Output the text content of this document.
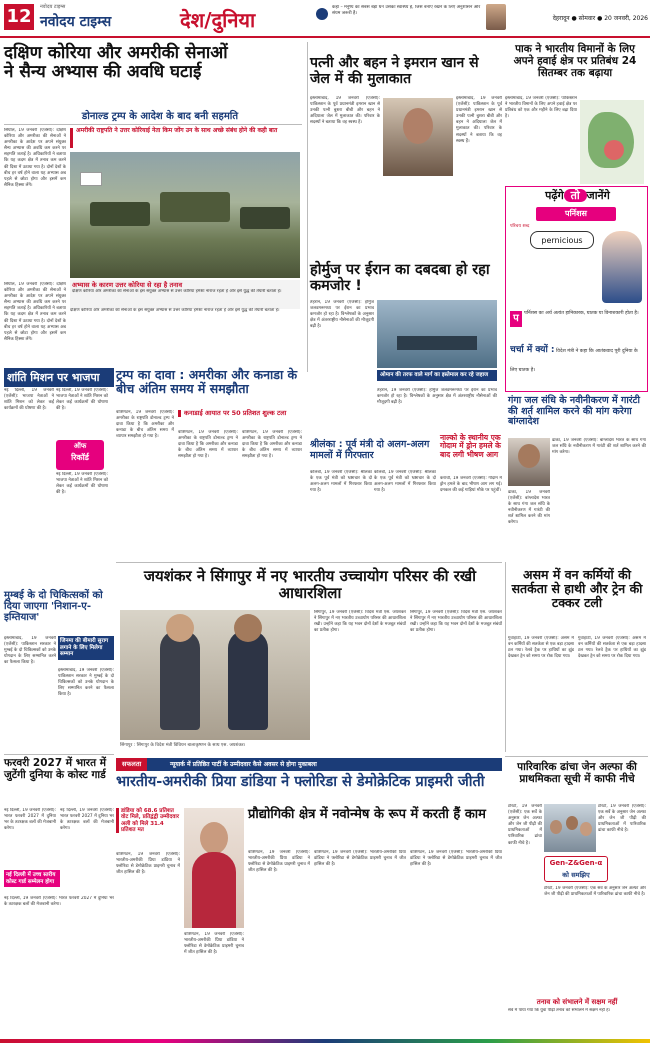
12	नवोदय टाइम्स
नवोदय टाइम्स	देश/दुनिया
कहा – मनुष्य का सबसे बड़ा धन उसका स्वास्थ्य है, जिसे बनाए रखने के लिए अनुशासन और संयम जरूरी है।
देहरादून ● सोमवार ● 20 जनवरी, 2026
दक्षिण कोरिया और अमरीकी सेनाओं
ने सैन्य अभ्यास की अवधि घटाई
डोनाल्ड ट्रम्प के आदेश के बाद बनी सहमति
सियोल, 19 जनवरी (एजेंसी): दक्षिण कोरिया और अमरीका की सेनाओं ने अमरीका के आदेश पर अपने संयुक्त सैन्य अभ्यास की अवधि कम करने पर सहमति जताई है। अधिकारियों ने बताया कि यह कदम क्षेत्र में तनाव कम करने की दिशा में उठाया गया है। दोनों देशों के बीच हर वर्ष होने वाला यह अभ्यास अब पहले से छोटा होगा और इसमें कम सैनिक हिस्सा लेंगे।
अमरीकी राष्ट्रपति ने उत्तर कोरियाई नेता किम जोंग उन के साथ अच्छे संबंध होने की कही बात
अभ्यास के कारण उत्तर कोरिया से रहा है तनाव
दक्षिण कोरिया और अमरीका की सेनाओं के इस संयुक्त अभ्यास से उत्तर कोरिया हमेशा नाराज रहता है और इसे युद्ध की तैयारी बताता है।
सियोल, 19 जनवरी (एजेंसी): दक्षिण कोरिया और अमरीका की सेनाओं ने अमरीका के आदेश पर अपने संयुक्त सैन्य अभ्यास की अवधि कम करने पर सहमति जताई है। अधिकारियों ने बताया कि यह कदम क्षेत्र में तनाव कम करने की दिशा में उठाया गया है। दोनों देशों के बीच हर वर्ष होने वाला यह अभ्यास अब पहले से छोटा होगा और इसमें कम सैनिक हिस्सा लेंगे।
दक्षिण कोरिया और अमरीका की सेनाओं के इस संयुक्त अभ्यास से उत्तर कोरिया हमेशा नाराज रहता है और इसे युद्ध की तैयारी बताता है।
पत्नी और बहन ने इमरान खान से जेल में की मुलाकात
इस्लामाबाद, 19 जनवरी (एजेंसी): पाकिस्तान के पूर्व प्रधानमंत्री इमरान खान से उनकी पत्नी बुशरा बीबी और बहन ने अदियाला जेल में मुलाकात की। परिवार के सदस्यों ने बताया कि वह स्वस्थ हैं।
इस्लामाबाद, 19 जनवरी (एजेंसी): पाकिस्तान के पूर्व प्रधानमंत्री इमरान खान से उनकी पत्नी बुशरा बीबी और बहन ने अदियाला जेल में मुलाकात की। परिवार के सदस्यों ने बताया कि वह स्वस्थ हैं।
पाक ने भारतीय विमानों के लिए अपने हवाई क्षेत्र पर प्रतिबंध 24 सितम्बर तक बढ़ाया
इस्लामाबाद, 19 जनवरी (एजेंसी): पाकिस्तान ने भारतीय विमानों के लिए अपने हवाई क्षेत्र पर प्रतिबंध को एक और महीने के लिए बढ़ा दिया है।
होर्मुज पर ईरान का दबदबा हो रहा कमजोर !
तेहरान, 19 जनवरी (एजेंसी): होर्मुज जलडमरूमध्य पर ईरान का प्रभाव कमजोर हो रहा है। विश्लेषकों के अनुसार क्षेत्र में अंतरराष्ट्रीय नौसेनाओं की मौजूदगी बढ़ी है।
ओमान की तरफ वाले मार्ग का इस्तेमाल कर रहे जहाज
तेहरान, 19 जनवरी (एजेंसी): होर्मुज जलडमरूमध्य पर ईरान का प्रभाव कमजोर हो रहा है। विश्लेषकों के अनुसार क्षेत्र में अंतरराष्ट्रीय नौसेनाओं की मौजूदगी बढ़ी है।
शांति मिशन पर भाजपा
नई दिल्ली, 19 जनवरी (एजेंसी): भाजपा नेताओं ने शांति मिशन को लेकर कई कार्यक्रमों की घोषणा की है।
ऑफ
रिकॉर्ड
नई दिल्ली, 19 जनवरी (एजेंसी): भाजपा नेताओं ने शांति मिशन को लेकर कई कार्यक्रमों की घोषणा की है।
नई दिल्ली, 19 जनवरी (एजेंसी): भाजपा नेताओं ने शांति मिशन को लेकर कई कार्यक्रमों की घोषणा की है।
ट्रम्प का दावा : अमरीका और कनाडा के बीच अंतिम समय में समझौता
वाशिंगटन, 19 जनवरी (एजेंसी): अमरीका के राष्ट्रपति डोनाल्ड ट्रम्प ने दावा किया है कि अमरीका और कनाडा के बीच अंतिम समय में व्यापार समझौता हो गया है।
कनाडाई आयात पर 50 प्रतिशत शुल्क टला
वाशिंगटन, 19 जनवरी (एजेंसी): अमरीका के राष्ट्रपति डोनाल्ड ट्रम्प ने दावा किया है कि अमरीका और कनाडा के बीच अंतिम समय में व्यापार समझौता हो गया है।
वाशिंगटन, 19 जनवरी (एजेंसी): अमरीका के राष्ट्रपति डोनाल्ड ट्रम्प ने दावा किया है कि अमरीका और कनाडा के बीच अंतिम समय में व्यापार समझौता हो गया है।
श्रीलंका : पूर्व मंत्री दो अलग-अलग मामलों में गिरफ्तार
कोलंबो, 19 जनवरी (एजेंसी): श्रीलंका के एक पूर्व मंत्री को भ्रष्टाचार के दो अलग-अलग मामलों में गिरफ्तार किया गया है।
कोलंबो, 19 जनवरी (एजेंसी): श्रीलंका के एक पूर्व मंत्री को भ्रष्टाचार के दो अलग-अलग मामलों में गिरफ्तार किया गया है।
नाल्को के स्थानीय एक गोदाम में ड्रोन हमले के बाद लगी भीषण आग
कराची, 19 जनवरी (एजेंसी): गोदाम में ड्रोन हमले के बाद भीषण आग लग गई। दमकल की कई गाड़ियां मौके पर पहुंचीं।
जयशंकर ने सिंगापुर में नए भारतीय उच्चायोग परिसर की रखी आधारशिला
सिंगापुर : सिंगापुर के विदेश मंत्री विवियन बालाकृष्णन के साथ एस. जयशंकर।
सिंगापुर, 19 जनवरी (एजेंसी): विदेश मंत्री एस. जयशंकर ने सिंगापुर में नए भारतीय उच्चायोग परिसर की आधारशिला रखी। उन्होंने कहा कि यह भवन दोनों देशों के मजबूत संबंधों का प्रतीक होगा।
सिंगापुर, 19 जनवरी (एजेंसी): विदेश मंत्री एस. जयशंकर ने सिंगापुर में नए भारतीय उच्चायोग परिसर की आधारशिला रखी। उन्होंने कहा कि यह भवन दोनों देशों के मजबूत संबंधों का प्रतीक होगा।
मुम्बई के दो चिकित्सकों को दिया जाएगा 'निशान-ए-इम्तियाज'
इस्लामाबाद, 19 जनवरी (एजेंसी): पाकिस्तान सरकार ने मुम्बई के दो चिकित्सकों को उनके योगदान के लिए सम्मानित करने का फैसला किया है।
जिनमा की बीमारी सुराग लगाने के लिए मिलेगा सम्मान
इस्लामाबाद, 19 जनवरी (एजेंसी): पाकिस्तान सरकार ने मुम्बई के दो चिकित्सकों को उनके योगदान के लिए सम्मानित करने का फैसला किया है।
फरवरी 2027 में भारत में जुटेंगी दुनिया के कोस्ट गार्ड
नई दिल्ली, 19 जनवरी (एजेंसी): भारत फरवरी 2027 में दुनिया भर के तटरक्षक बलों की मेजबानी करेगा।
नई दिल्ली में उच्च स्तरीय कोस्ट गार्ड सम्मेलन होगा
नई दिल्ली, 19 जनवरी (एजेंसी): भारत फरवरी 2027 में दुनिया भर के तटरक्षक बलों की मेजबानी करेगा।
नई दिल्ली, 19 जनवरी (एजेंसी): भारत फरवरी 2027 में दुनिया भर के तटरक्षक बलों की मेजबानी करेगा।
सफलता	न्यूयार्क में प्रतिष्ठित पार्टी के उम्मीदवार कैसे अवसर से होगा मुकाबला
भारतीय-अमरीकी प्रिया डांडिया ने फ्लोरिडा से डेमोक्रेटिक प्राइमरी जीती
डांडिया को 68.6 प्रतिशत वोट मिले, प्रतिद्वंद्वी उम्मीदवार अली को मिले 31.4 प्रतिशत मत
वाशिंगटन, 19 जनवरी (एजेंसी): भारतीय-अमरीकी प्रिया डांडिया ने फ्लोरिडा से डेमोक्रेटिक प्राइमरी चुनाव में जीत हासिल की है।
प्रौद्योगिकी क्षेत्र में नवोन्मेष के रूप में करती हैं काम
वाशिंगटन, 19 जनवरी (एजेंसी): भारतीय-अमरीकी प्रिया डांडिया ने फ्लोरिडा से डेमोक्रेटिक प्राइमरी चुनाव में जीत हासिल की है।
वाशिंगटन, 19 जनवरी (एजेंसी): भारतीय-अमरीकी प्रिया डांडिया ने फ्लोरिडा से डेमोक्रेटिक प्राइमरी चुनाव में जीत हासिल की है।
वाशिंगटन, 19 जनवरी (एजेंसी): भारतीय-अमरीकी प्रिया डांडिया ने फ्लोरिडा से डेमोक्रेटिक प्राइमरी चुनाव में जीत हासिल की है।
वाशिंगटन, 19 जनवरी (एजेंसी): भारतीय-अमरीकी प्रिया डांडिया ने फ्लोरिडा से डेमोक्रेटिक प्राइमरी चुनाव में जीत हासिल की है।
असम में वन कर्मियों की सतर्कता से हाथी और ट्रेन की टक्कर टली
गुवाहाटी, 19 जनवरी (एजेंसी): असम में वन कर्मियों की सतर्कता से एक बड़ा हादसा टल गया। रेलवे ट्रैक पर हाथियों का झुंड देखकर ट्रेन को समय पर रोक दिया गया।
गुवाहाटी, 19 जनवरी (एजेंसी): असम में वन कर्मियों की सतर्कता से एक बड़ा हादसा टल गया। रेलवे ट्रैक पर हाथियों का झुंड देखकर ट्रेन को समय पर रोक दिया गया।
पारिवारिक ढांचा जेन अल्फा की प्राथमिकता सूची में काफी नीचे
टोरंटो, 19 जनवरी (एजेंसी): एक सर्वे के अनुसार जेन अल्फा और जेन जी पीढ़ी की प्राथमिकताओं में पारिवारिक ढांचा काफी नीचे है।
टोरंटो, 19 जनवरी (एजेंसी): एक सर्वे के अनुसार जेन अल्फा और जेन जी पीढ़ी की प्राथमिकताओं में पारिवारिक ढांचा काफी नीचे है।
Gen-Z&Gen-α
को समझिए
टोरंटो, 19 जनवरी (एजेंसी): एक सर्वे के अनुसार जेन अल्फा और जेन जी पीढ़ी की प्राथमिकताओं में पारिवारिक ढांचा काफी नीचे है।
तनाव को संभालने में सक्षम नहीं
सर्वे में पाया गया कि युवा पीढ़ी तनाव को संभालने में सक्षम नहीं है।
गंगा जल संधि के नवीनीकरण में गारंटी की शर्त शामिल करने की मांग करेगा बांग्लादेश
ढाका, 19 जनवरी (एजेंसी): बांग्लादेश भारत के साथ गंगा जल संधि के नवीनीकरण में गारंटी की शर्त शामिल करने की मांग करेगा।
ढाका, 19 जनवरी (एजेंसी): बांग्लादेश भारत के साथ गंगा जल संधि के नवीनीकरण में गारंटी की शर्त शामिल करने की मांग करेगा।
पढ़ेंगे तो जानेंगे
पर्निशस
परिचय शब्द
pernicious
प	पर्निशस का अर्थ अत्यंत हानिकारक, घातक या विनाशकारी होता है।
चर्चा में क्यों : विदेश मंत्री ने कहा कि आतंकवाद पूरी दुनिया के लिए घातक है।
